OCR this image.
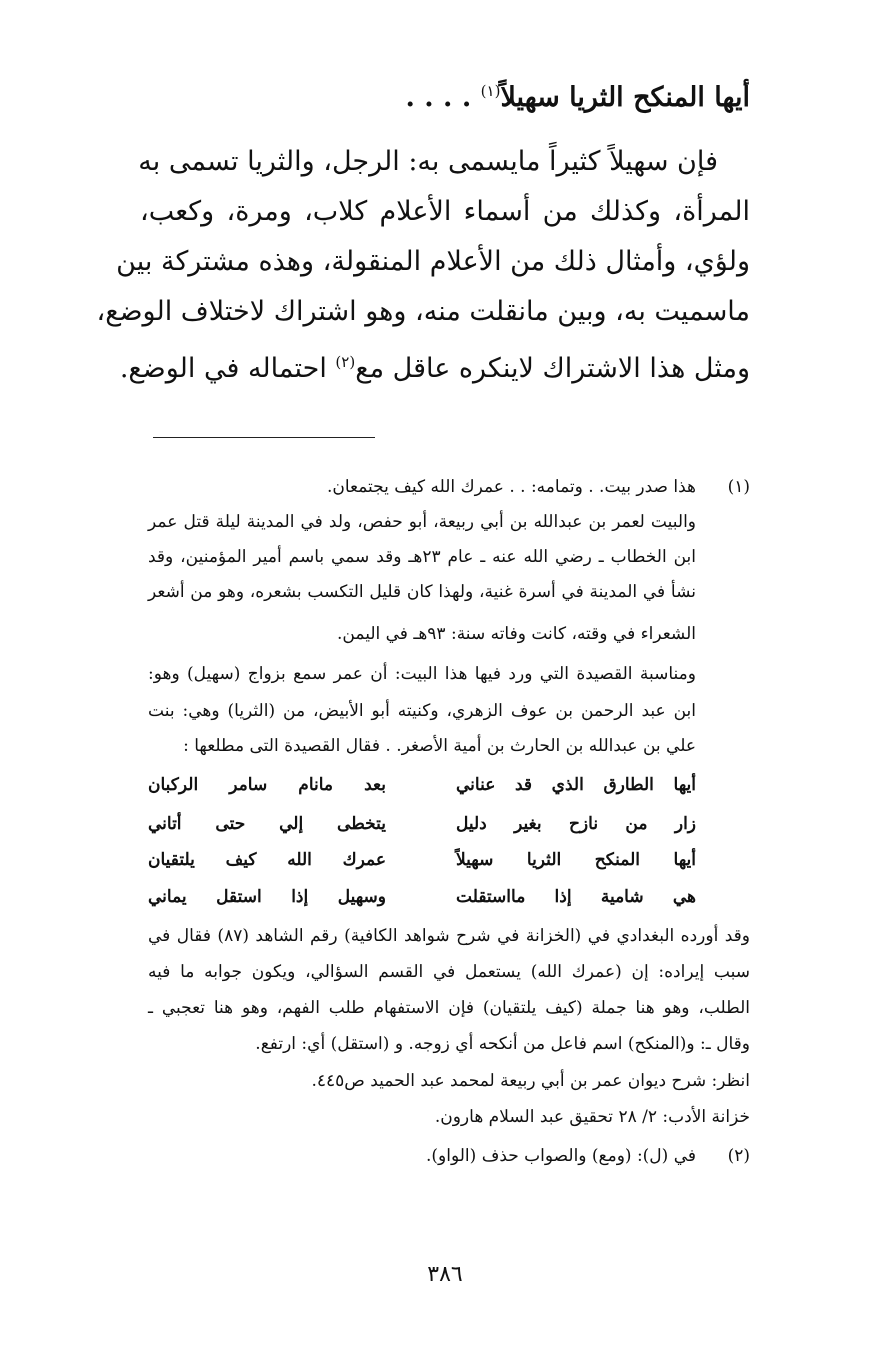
أيها المنكح الثريا سهيلاً$^{(١)}$ . . . .
فإن سهيلاً كثيراً مايسمى به: الرجل، والثريا تسمى به
المرأة، وكذلك من أسماء الأعلام كلاب، ومرة، وكعب،
ولؤي، وأمثال ذلك من الأعلام المنقولة، وهذه مشتركة بين
ماسميت به، وبين مانقلت منه، وهو اشتراك لاختلاف الوضع،
ومثل هذا الاشتراك لاينكره عاقل مع$^{(٢)}$ احتماله في الوضع.
(١)
هذا صدر بيت. . وتمامه: . . عمرك الله كيف يجتمعان.
والبيت لعمر بن عبدالله بن أبي ربيعة، أبو حفص، ولد في المدينة ليلة قتل عمر
ابن الخطاب ـ رضي الله عنه ـ عام ٢٣هـ وقد سمي باسم أمير المؤمنين، وقد
نشأ في المدينة في أسرة غنية، ولهذا كان قليل التكسب بشعره، وهو من أشعر
الشعراء في وقته، كانت وفاته سنة: ٩٣هـ في اليمن.
ومناسبة القصيدة التي ورد فيها هذا البيت: أن عمر سمع بزواج (سهيل) وهو:
ابن عبد الرحمن بن عوف الزهري، وكنيته أبو الأبيض، من (الثريا) وهي: بنت
علي بن عبدالله بن الحارث بن أمية الأصغر. . فقال القصيدة التى مطلعها :
أيها الطارق الذي قد عناني
بعد مانام سامر الركبان
زار من نازح بغير دليل
يتخطى إلي حتى أتاني
أيها المنكح الثريا سهيلاً
عمرك الله كيف يلتقيان
هي شامية إذا مااستقلت
وسهيل إذا استقل يماني
وقد أورده البغدادي في (الخزانة في شرح شواهد الكافية) رقم الشاهد (٨٧) فقال في
سبب إيراده: إن (عمرك الله) يستعمل في القسم السؤالي، ويكون جوابه ما فيه
الطلب، وهو هنا جملة (كيف يلتقيان) فإن الاستفهام طلب الفهم، وهو هنا تعجبي ـ
وقال ـ: و(المنكح) اسم فاعل من أنكحه أي زوجه. و (استقل) أي: ارتفع.
انظر: شرح ديوان عمر بن أبي ربيعة لمحمد عبد الحميد ص٤٤٥.
خزانة الأدب: ٢/ ٢٨ تحقيق عبد السلام هارون.
(٢)
في (ل): (ومع) والصواب حذف (الواو).
٣٨٦
